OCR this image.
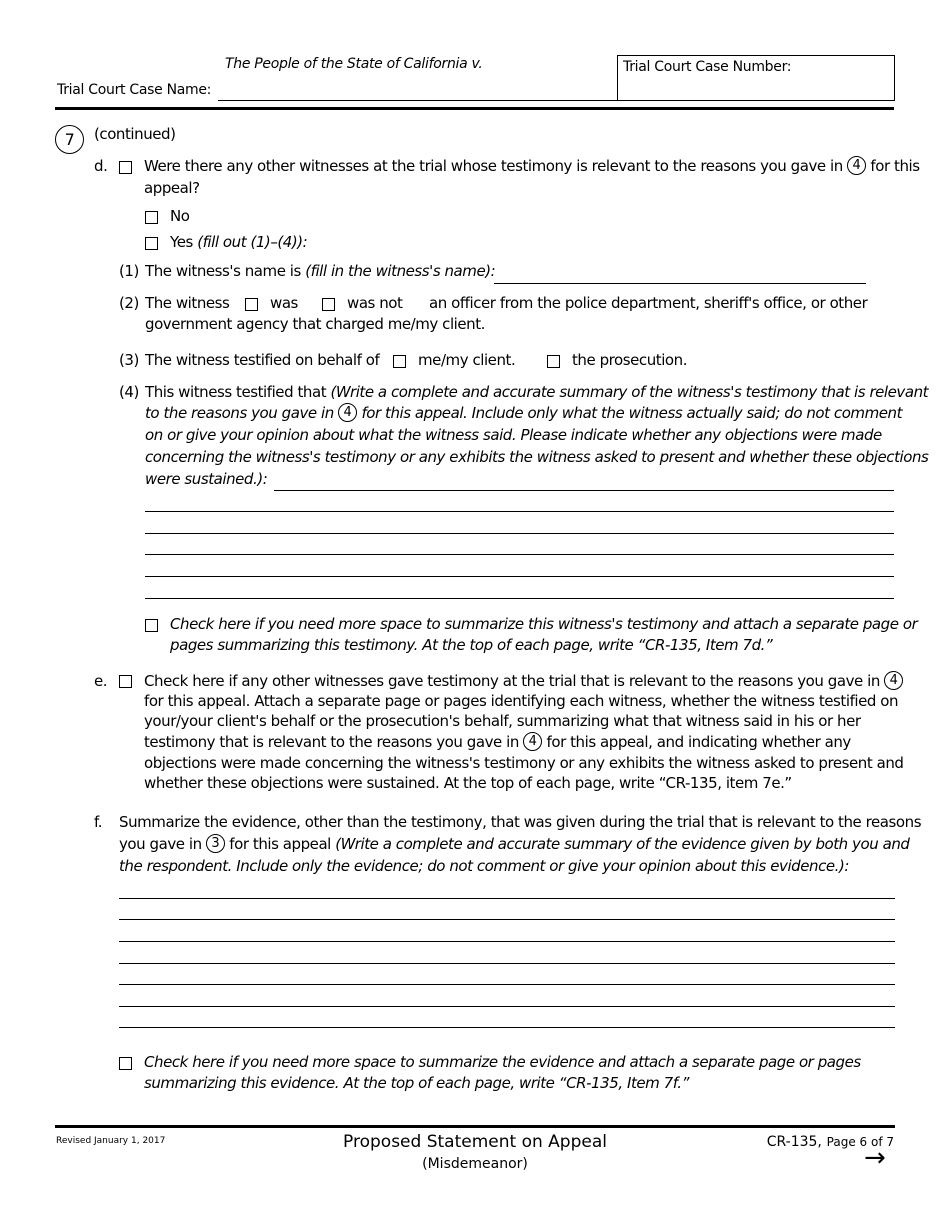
The People of the State of California v.
Trial Court Case Name:
Trial Court Case Number:
7	(continued)
d. Were there any other witnesses at the trial whose testimony is relevant to the reasons you gave in 4 for this
appeal?
No
Yes (fill out (1)–(4)):
(1) The witness's name is (fill in the witness's name):
(2) The witness	was	was not an officer from the police department, sheriff's office, or other
government agency that charged me/my client.
(3) The witness testified on behalf of	me/my client.	the prosecution.
(4) This witness testified that (Write a complete and accurate summary of the witness's testimony that is relevant
to the reasons you gave in 4 for this appeal. Include only what the witness actually said; do not comment
on or give your opinion about what the witness said. Please indicate whether any objections were made
concerning the witness's testimony or any exhibits the witness asked to present and whether these objections
were sustained.):
Check here if you need more space to summarize this witness's testimony and attach a separate page or
pages summarizing this testimony. At the top of each page, write “CR-135, Item 7d.”
e. Check here if any other witnesses gave testimony at the trial that is relevant to the reasons you gave in 4
for this appeal. Attach a separate page or pages identifying each witness, whether the witness testified on
your/your client's behalf or the prosecution's behalf, summarizing what that witness said in his or her
testimony that is relevant to the reasons you gave in 4 for this appeal, and indicating whether any
objections were made concerning the witness's testimony or any exhibits the witness asked to present and
whether these objections were sustained. At the top of each page, write “CR-135, item 7e.”
f. Summarize the evidence, other than the testimony, that was given during the trial that is relevant to the reasons
you gave in 3 for this appeal (Write a complete and accurate summary of the evidence given by both you and
the respondent. Include only the evidence; do not comment or give your opinion about this evidence.):
Check here if you need more space to summarize the evidence and attach a separate page or pages
summarizing this evidence. At the top of each page, write “CR-135, Item 7f.”
Revised January 1, 2017	Proposed Statement on Appeal
(Misdemeanor)
CR-135, Page 6 of 7
→
